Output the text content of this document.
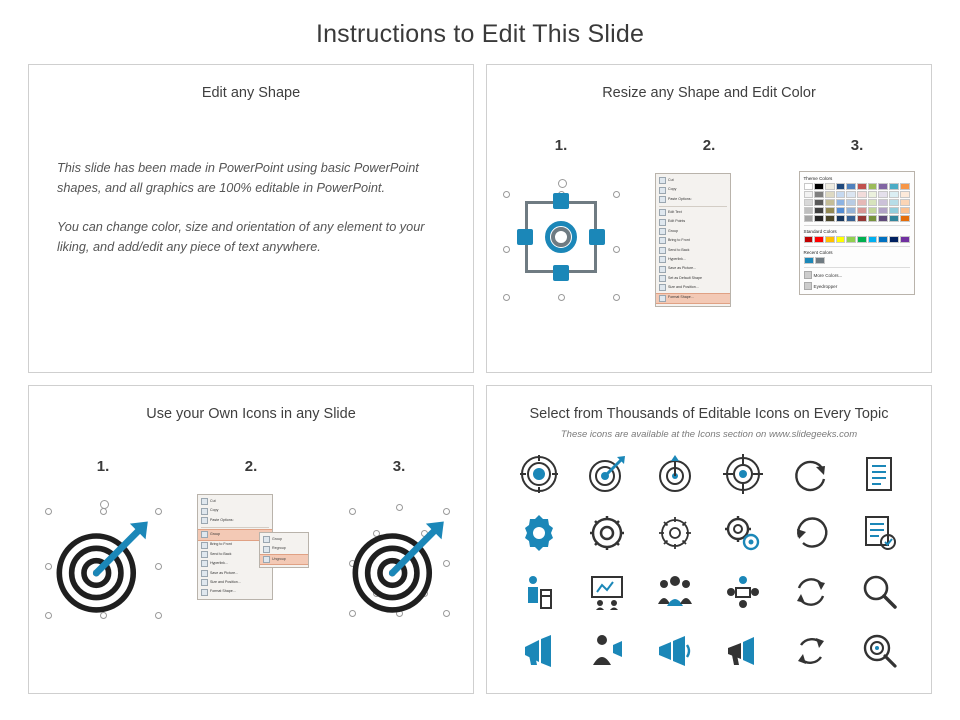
Instructions to Edit This Slide
Edit any Shape

This slide has been made in PowerPoint using basic PowerPoint shapes, and all graphics are 100% editable in PowerPoint.

You can change color, size and orientation of any element to your liking, and add/edit any piece of text anywhere.

Resize any Shape and Edit Color
1.	2.	3.
Cut
Copy
Paste Options:
Edit Text
Edit Points
Group
Bring to Front
Send to Back
Hyperlink...
Save as Picture...
Set as Default Shape
Size and Position...
Format Shape...
Theme Colors
Standard Colors
Recent Colors
More Colors...
Eyedropper
Use your Own Icons in any Slide
1.	2.	3.
Cut
Copy
Paste Options:
Group
Bring to Front
Send to Back
Hyperlink...
Save as Picture...
Size and Position...
Format Shape...
Group
Regroup
Ungroup
Select from Thousands of Editable Icons on Every Topic
These icons are available at the Icons section on www.slidegeeks.com
